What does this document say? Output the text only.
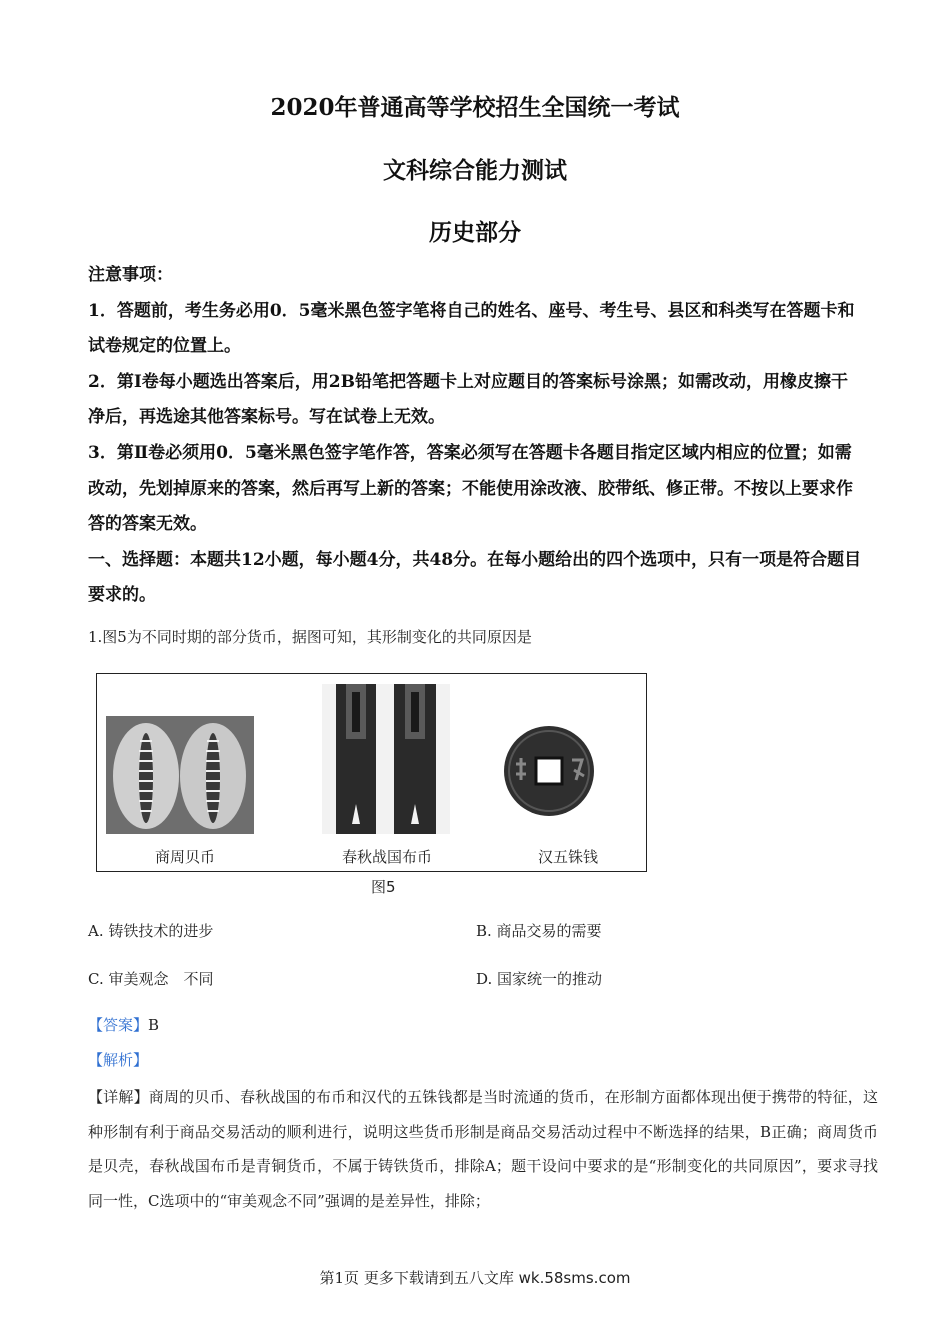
2020年普通高等学校招生全国统一考试
文科综合能力测试
历史部分

注意事项：

1．答题前，考生务必用0．5毫米黑色签字笔将自己的姓名、座号、考生号、县区和科类写在答题卡和试卷规定的位置上。

2．第Ⅰ卷每小题选出答案后，用2B铅笔把答题卡上对应题目的答案标号涂黑；如需改动，用橡皮擦干净后，再选途其他答案标号。写在试卷上无效。

3．第Ⅱ卷必须用0．5毫米黑色签字笔作答，答案必须写在答题卡各题目指定区域内相应的位置；如需改动，先划掉原来的答案，然后再写上新的答案；不能使用涂改液、胶带纸、修正带。不按以上要求作答的答案无效。

一、选择题：本题共12小题，每小题4分，共48分。在每小题给出的四个选项中，只有一项是符合题目要求的。

1.图5为不同时期的部分货币，据图可知，其形制变化的共同原因是
商周贝币	春秋战国布币	汉五铢钱
图5
A. 铸铁技术的进步	B. 商品交易的需要
C. 审美观念　不同	D. 国家统一的推动
【答案】B
【解析】
【详解】商周的贝币、春秋战国的布币和汉代的五铢钱都是当时流通的货币，在形制方面都体现出便于携带的特征，这种形制有利于商品交易活动的顺利进行，说明这些货币形制是商品交易活动过程中不断选择的结果，B正确；商周货币是贝壳，春秋战国布币是青铜货币，不属于铸铁货币，排除A；题干设问中要求的是“形制变化的共同原因”，要求寻找同一性，C选项中的“审美观念不同”强调的是差异性，排除；
第1页 更多下载请到五八文库 wk.58sms.com
